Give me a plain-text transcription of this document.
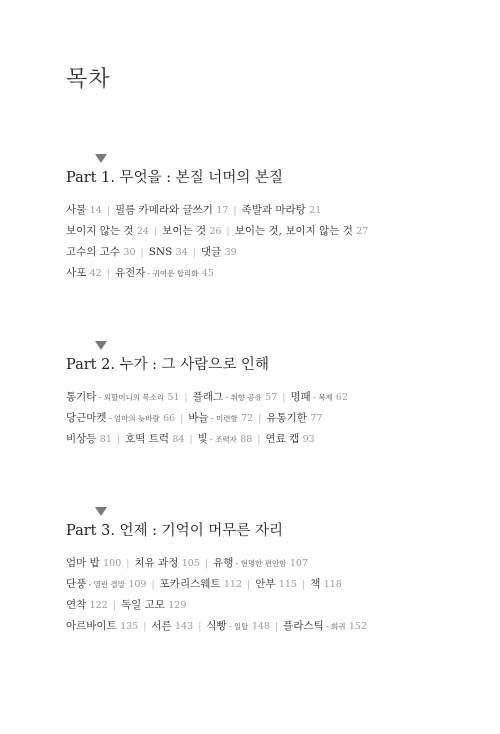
목차
Part 1. 무엇을 : 본질 너머의 본질
사물 14 | 필름 카메라와 글쓰기 17 | 족발과 마라탕 21
보이지 않는 것 24 | 보이는 것 26 | 보이는 것, 보이지 않는 것 27
고수의 고수 30 | SNS 34 | 댓글 39
사포 42 | 유전자 - 귀여운 합리화 45
Part 2. 누가 : 그 사람으로 인해
통기타 - 외할머니의 목소리 51 | 플래그 - 취향 공유 57 | 명패 - 복제 62
당근마켓 - 엄마의 늦바람 66 | 바늘 - 미련함 72 | 유통기한 77
비상등 81 | 호떡 트럭 84 | 빛 - 조력자 88 | 연료 캡 93
Part 3. 언제 : 기억이 머무른 자리
엄마 밥 100 | 치유 과정 105 | 유행 - 현명한 편안함 107
단풍 - 열린 결말 109 | 포카리스웨트 112 | 안부 115 | 책 118
연착 122 | 독일 고모 129
아르바이트 135 | 서른 143 | 식빵 - 일탈 148 | 플라스틱 - 회귀 152
